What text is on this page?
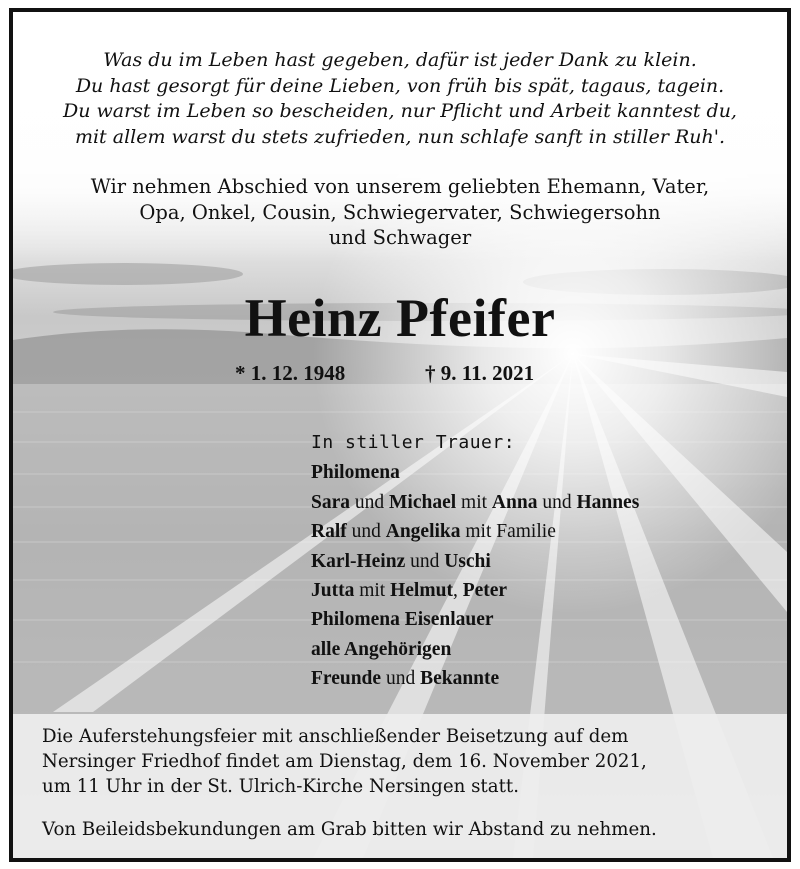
Was du im Leben hast gegeben, dafür ist jeder Dank zu klein.
Du hast gesorgt für deine Lieben, von früh bis spät, tagaus, tagein.
Du warst im Leben so bescheiden, nur Pflicht und Arbeit kanntest du,
mit allem warst du stets zufrieden, nun schlafe sanft in stiller Ruh'.
Wir nehmen Abschied von unserem geliebten Ehemann, Vater,
Opa, Onkel, Cousin, Schwiegervater, Schwiegersohn
und Schwager
Heinz Pfeifer
* 1. 12. 1948	† 9. 11. 2021
In stiller Trauer:
Philomena
Sara und Michael mit Anna und Hannes
Ralf und Angelika mit Familie
Karl-Heinz und Uschi
Jutta mit Helmut, Peter
Philomena Eisenlauer
alle Angehörigen
Freunde und Bekannte
Die Auferstehungsfeier mit anschließender Beisetzung auf dem
Nersinger Friedhof findet am Dienstag, dem 16. November 2021,
um 11 Uhr in der St. Ulrich-Kirche Nersingen statt.
Von Beileidsbekundungen am Grab bitten wir Abstand zu nehmen.
